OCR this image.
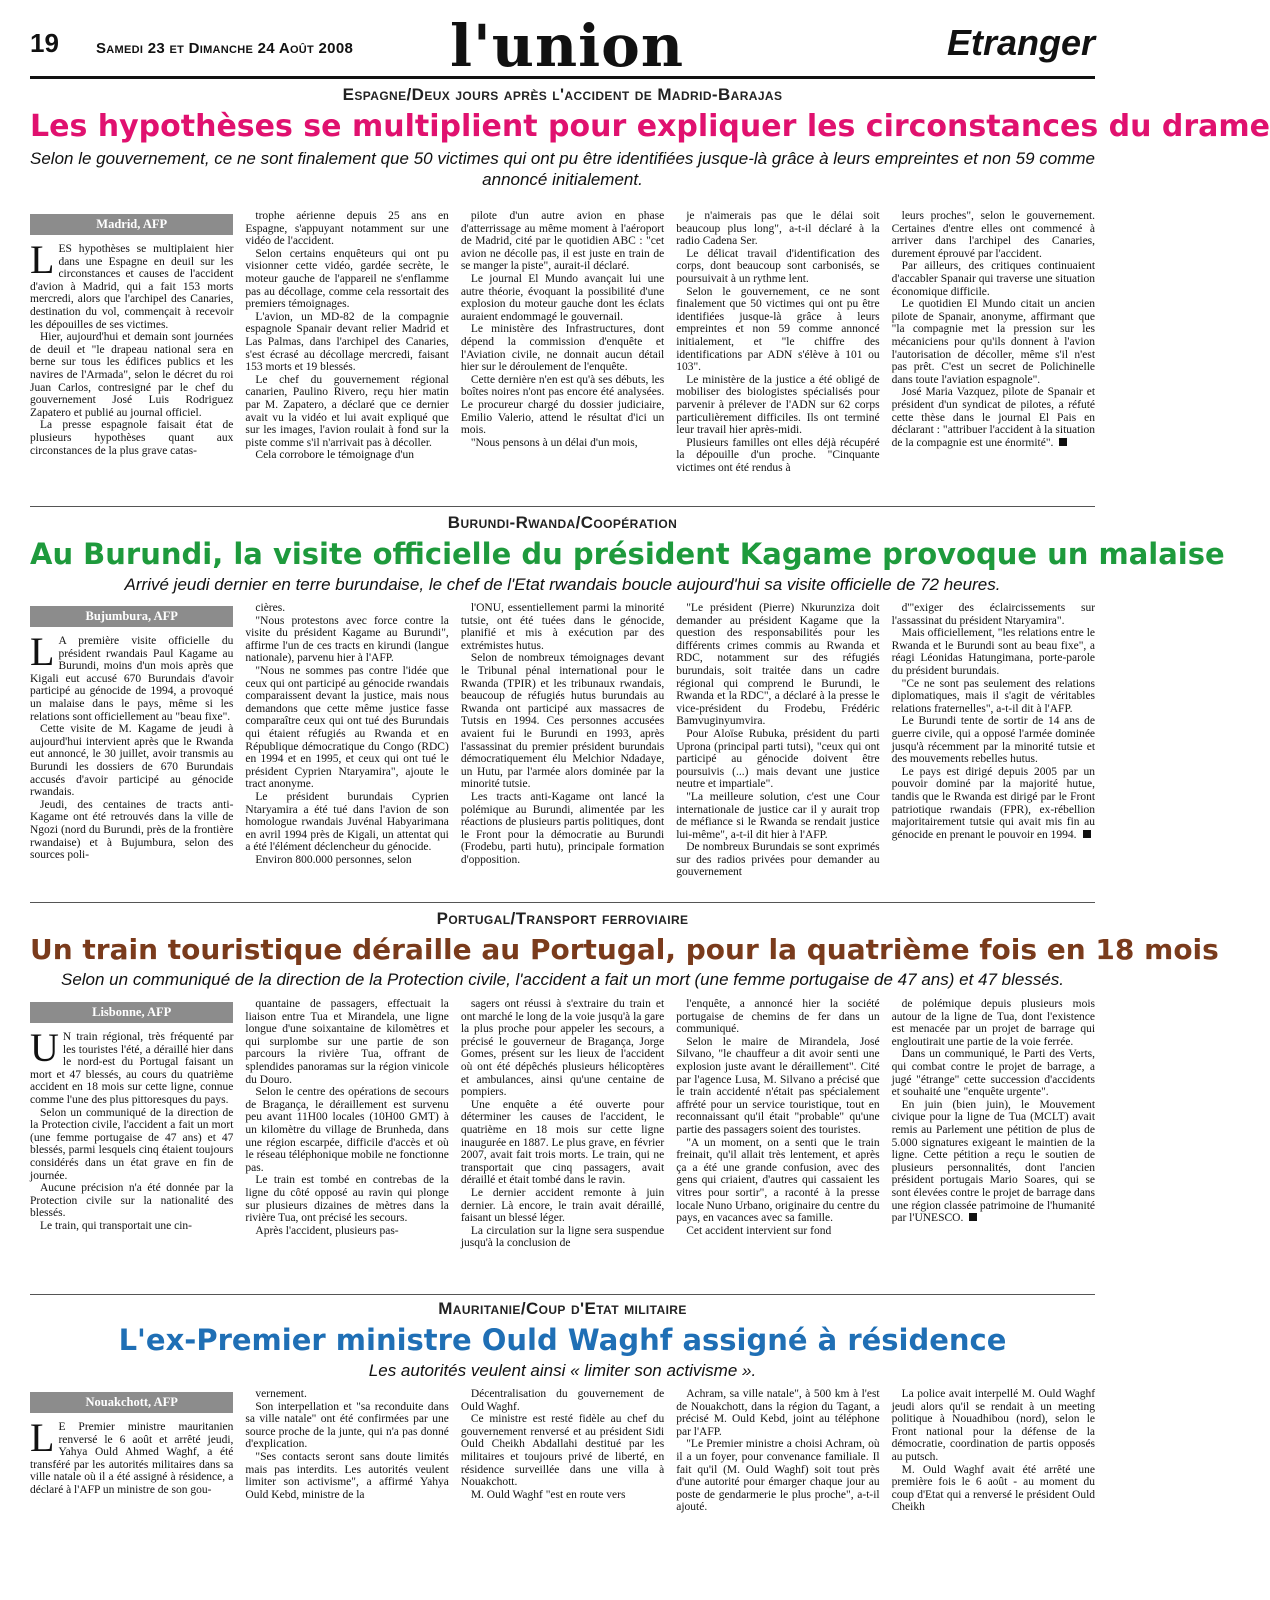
19 Samedi 23 et Dimanche 24 Août 2008 l'union	Etranger
Espagne/Deux jours après l'accident de Madrid-Barajas
Les hypothèses se multiplient pour expliquer les circonstances du drame
Selon le gouvernement, ce ne sont finalement que 50 victimes qui ont pu être identifiées jusque-là grâce à leurs empreintes et non 59 comme annoncé initialement.
Madrid, AFP

LES hypothèses se multiplaient hier dans une Espagne en deuil sur les circonstances et causes de l'accident d'avion à Madrid, qui a fait 153 morts mercredi, alors que l'archipel des Canaries, destination du vol, commençait à recevoir les dépouilles de ses victimes.

Hier, aujourd'hui et demain sont journées de deuil et "le drapeau national sera en berne sur tous les édifices publics et les navires de l'Armada", selon le décret du roi Juan Carlos, contresigné par le chef du gouvernement José Luis Rodriguez Zapatero et publié au journal officiel.

La presse espagnole faisait état de plusieurs hypothèses quant aux circonstances de la plus grave catas-

trophe aérienne depuis 25 ans en Espagne, s'appuyant notamment sur une vidéo de l'accident.

Selon certains enquêteurs qui ont pu visionner cette vidéo, gardée secrète, le moteur gauche de l'appareil ne s'enflamme pas au décollage, comme cela ressortait des premiers témoignages.

L'avion, un MD-82 de la compagnie espagnole Spanair devant relier Madrid et Las Palmas, dans l'archipel des Canaries, s'est écrasé au décollage mercredi, faisant 153 morts et 19 blessés.

Le chef du gouvernement régional canarien, Paulino Rivero, reçu hier matin par M. Zapatero, a déclaré que ce dernier avait vu la vidéo et lui avait expliqué que sur les images, l'avion roulait à fond sur la piste comme s'il n'arrivait pas à décoller.

Cela corrobore le témoignage d'un

pilote d'un autre avion en phase d'atterrissage au même moment à l'aéroport de Madrid, cité par le quotidien ABC : "cet avion ne décolle pas, il est juste en train de se manger la piste", aurait-il déclaré.

Le journal El Mundo avançait lui une autre théorie, évoquant la possibilité d'une explosion du moteur gauche dont les éclats auraient endommagé le gouvernail.

Le ministère des Infrastructures, dont dépend la commission d'enquête et l'Aviation civile, ne donnait aucun détail hier sur le déroulement de l'enquête.

Cette dernière n'en est qu'à ses débuts, les boîtes noires n'ont pas encore été analysées. Le procureur chargé du dossier judiciaire, Emilio Valerio, attend le résultat d'ici un mois.

"Nous pensons à un délai d'un mois,

je n'aimerais pas que le délai soit beaucoup plus long", a-t-il déclaré à la radio Cadena Ser.

Le délicat travail d'identification des corps, dont beaucoup sont carbonisés, se poursuivait à un rythme lent.

Selon le gouvernement, ce ne sont finalement que 50 victimes qui ont pu être identifiées jusque-là grâce à leurs empreintes et non 59 comme annoncé initialement, et "le chiffre des identifications par ADN s'élève à 101 ou 103".

Le ministère de la justice a été obligé de mobiliser des biologistes spécialisés pour parvenir à prélever de l'ADN sur 62 corps particulièrement difficiles. Ils ont terminé leur travail hier après-midi.

Plusieurs familles ont elles déjà récupéré la dépouille d'un proche. "Cinquante victimes ont été rendus à

leurs proches", selon le gouvernement. Certaines d'entre elles ont commencé à arriver dans l'archipel des Canaries, durement éprouvé par l'accident.

Par ailleurs, des critiques continuaient d'accabler Spanair qui traverse une situation économique difficile.

Le quotidien El Mundo citait un ancien pilote de Spanair, anonyme, affirmant que "la compagnie met la pression sur les mécaniciens pour qu'ils donnent à l'avion l'autorisation de décoller, même s'il n'est pas prêt. C'est un secret de Polichinelle dans toute l'aviation espagnole".

José Maria Vazquez, pilote de Spanair et président d'un syndicat de pilotes, a réfuté cette thèse dans le journal El Pais en déclarant : "attribuer l'accident à la situation de la compagnie est une énormité".

Burundi-Rwanda/Coopération
Au Burundi, la visite officielle du président Kagame provoque un malaise
Arrivé jeudi dernier en terre burundaise, le chef de l'Etat rwandais boucle aujourd'hui sa visite officielle de 72 heures.
Bujumbura, AFP

L A première visite officielle du président rwandais Paul Kagame au Burundi, moins d'un mois après que Kigali eut accusé 670 Burundais d'avoir participé au génocide de 1994, a provoqué un malaise dans le pays, même si les relations sont officiellement au "beau fixe".

Cette visite de M. Kagame de jeudi à aujourd'hui intervient après que le Rwanda eut annoncé, le 30 juillet, avoir transmis au Burundi les dossiers de 670 Burundais accusés d'avoir participé au génocide rwandais.

Jeudi, des centaines de tracts anti-Kagame ont été retrouvés dans la ville de Ngozi (nord du Burundi, près de la frontière rwandaise) et à Bujumbura, selon des sources poli-

cières.

"Nous protestons avec force contre la visite du président Kagame au Burundi", affirme l'un de ces tracts en kirundi (langue nationale), parvenu hier à l'AFP.

"Nous ne sommes pas contre l'idée que ceux qui ont participé au génocide rwandais comparaissent devant la justice, mais nous demandons que cette même justice fasse comparaître ceux qui ont tué des Burundais qui étaient réfugiés au Rwanda et en République démocratique du Congo (RDC) en 1994 et en 1995, et ceux qui ont tué le président Cyprien Ntaryamira", ajoute le tract anonyme.

Le président burundais Cyprien Ntaryamira a été tué dans l'avion de son homologue rwandais Juvénal Habyarimana en avril 1994 près de Kigali, un attentat qui a été l'élément déclencheur du génocide.

Environ 800.000 personnes, selon

l'ONU, essentiellement parmi la minorité tutsie, ont été tuées dans le génocide, planifié et mis à exécution par des extrémistes hutus.

Selon de nombreux témoignages devant le Tribunal pénal international pour le Rwanda (TPIR) et les tribunaux rwandais, beaucoup de réfugiés hutus burundais au Rwanda ont participé aux massacres de Tutsis en 1994. Ces personnes accusées avaient fui le Burundi en 1993, après l'assassinat du premier président burundais démocratiquement élu Melchior Ndadaye, un Hutu, par l'armée alors dominée par la minorité tutsie.

Les tracts anti-Kagame ont lancé la polémique au Burundi, alimentée par les réactions de plusieurs partis politiques, dont le Front pour la démocratie au Burundi (Frodebu, parti hutu), principale formation d'opposition.

"Le président (Pierre) Nkurunziza doit demander au président Kagame que la question des responsabilités pour les différents crimes commis au Rwanda et RDC, notamment sur des réfugiés burundais, soit traitée dans un cadre régional qui comprend le Burundi, le Rwanda et la RDC", a déclaré à la presse le vice-président du Frodebu, Frédéric Bamvuginyumvira.

Pour Aloïse Rubuka, président du parti Uprona (principal parti tutsi), "ceux qui ont participé au génocide doivent être poursuivis (...) mais devant une justice neutre et impartiale".

"La meilleure solution, c'est une Cour internationale de justice car il y aurait trop de méfiance si le Rwanda se rendait justice lui-même", a-t-il dit hier à l'AFP.

De nombreux Burundais se sont exprimés sur des radios privées pour demander au gouvernement

d'"exiger des éclaircissements sur l'assassinat du président Ntaryamira".

Mais officiellement, "les relations entre le Rwanda et le Burundi sont au beau fixe", a réagi Léonidas Hatungimana, porte-parole du président burundais.

"Ce ne sont pas seulement des relations diplomatiques, mais il s'agit de véritables relations fraternelles", a-t-il dit à l'AFP.

Le Burundi tente de sortir de 14 ans de guerre civile, qui a opposé l'armée dominée jusqu'à récemment par la minorité tutsie et des mouvements rebelles hutus.

Le pays est dirigé depuis 2005 par un pouvoir dominé par la majorité hutue, tandis que le Rwanda est dirigé par le Front patriotique rwandais (FPR), ex-rébellion majoritairement tutsie qui avait mis fin au génocide en prenant le pouvoir en 1994.

Portugal/Transport ferroviaire
Un train touristique déraille au Portugal, pour la quatrième fois en 18 mois
Selon un communiqué de la direction de la Protection civile, l'accident a fait un mort (une femme portugaise de 47 ans) et 47 blessés.
Lisbonne, AFP

U N train régional, très fréquenté par les touristes l'été, a déraillé hier dans le nord-est du Portugal faisant un mort et 47 blessés, au cours du quatrième accident en 18 mois sur cette ligne, connue comme l'une des plus pittoresques du pays.

Selon un communiqué de la direction de la Protection civile, l'accident a fait un mort (une femme portugaise de 47 ans) et 47 blessés, parmi lesquels cinq étaient toujours considérés dans un état grave en fin de journée.

Aucune précision n'a été donnée par la Protection civile sur la nationalité des blessés.

Le train, qui transportait une cin-

quantaine de passagers, effectuait la liaison entre Tua et Mirandela, une ligne longue d'une soixantaine de kilomètres et qui surplombe sur une partie de son parcours la rivière Tua, offrant de splendides panoramas sur la région vinicole du Douro.

Selon le centre des opérations de secours de Bragança, le déraillement est survenu peu avant 11H00 locales (10H00 GMT) à un kilomètre du village de Brunheda, dans une région escarpée, difficile d'accès et où le réseau téléphonique mobile ne fonctionne pas.

Le train est tombé en contrebas de la ligne du côté opposé au ravin qui plonge sur plusieurs dizaines de mètres dans la rivière Tua, ont précisé les secours.

Après l'accident, plusieurs pas-

sagers ont réussi à s'extraire du train et ont marché le long de la voie jusqu'à la gare la plus proche pour appeler les secours, a précisé le gouverneur de Bragança, Jorge Gomes, présent sur les lieux de l'accident où ont été dépêchés plusieurs hélicoptères et ambulances, ainsi qu'une centaine de pompiers.

Une enquête a été ouverte pour déterminer les causes de l'accident, le quatrième en 18 mois sur cette ligne inaugurée en 1887. Le plus grave, en février 2007, avait fait trois morts. Le train, qui ne transportait que cinq passagers, avait déraillé et était tombé dans le ravin.

Le dernier accident remonte à juin dernier. Là encore, le train avait déraillé, faisant un blessé léger.

La circulation sur la ligne sera suspendue jusqu'à la conclusion de

l'enquête, a annoncé hier la société portugaise de chemins de fer dans un communiqué.

Selon le maire de Mirandela, José Silvano, "le chauffeur a dit avoir senti une explosion juste avant le déraillement". Cité par l'agence Lusa, M. Silvano a précisé que le train accidenté n'était pas spécialement affrété pour un service touristique, tout en reconnaissant qu'il était "probable" qu'une partie des passagers soient des touristes.

"A un moment, on a senti que le train freinait, qu'il allait très lentement, et après ça a été une grande confusion, avec des gens qui criaient, d'autres qui cassaient les vitres pour sortir", a raconté à la presse locale Nuno Urbano, originaire du centre du pays, en vacances avec sa famille.

Cet accident intervient sur fond

de polémique depuis plusieurs mois autour de la ligne de Tua, dont l'existence est menacée par un projet de barrage qui engloutirait une partie de la voie ferrée.

Dans un communiqué, le Parti des Verts, qui combat contre le projet de barrage, a jugé "étrange" cette succession d'accidents et souhaité une "enquête urgente".

En juin (bien juin), le Mouvement civique pour la ligne de Tua (MCLT) avait remis au Parlement une pétition de plus de 5.000 signatures exigeant le maintien de la ligne. Cette pétition a reçu le soutien de plusieurs personnalités, dont l'ancien président portugais Mario Soares, qui se sont élevées contre le projet de barrage dans une région classée patrimoine de l'humanité par l'UNESCO.

Mauritanie/Coup d'Etat militaire
L'ex-Premier ministre Ould Waghf assigné à résidence
Les autorités veulent ainsi « limiter son activisme ».
Nouakchott, AFP

L E Premier ministre mauritanien renversé le 6 août et arrêté jeudi, Yahya Ould Ahmed Waghf, a été transféré par les autorités militaires dans sa ville natale où il a été assigné à résidence, a déclaré à l'AFP un ministre de son gou-

vernement.

Son interpellation et "sa reconduite dans sa ville natale" ont été confirmées par une source proche de la junte, qui n'a pas donné d'explication.

"Ses contacts seront sans doute limités mais pas interdits. Les autorités veulent limiter son activisme", a affirmé Yahya Ould Kebd, ministre de la

Décentralisation du gouvernement de Ould Waghf.

Ce ministre est resté fidèle au chef du gouvernement renversé et au président Sidi Ould Cheikh Abdallahi destitué par les militaires et toujours privé de liberté, en résidence surveillée dans une villa à Nouakchott.

M. Ould Waghf "est en route vers

Achram, sa ville natale", à 500 km à l'est de Nouakchott, dans la région du Tagant, a précisé M. Ould Kebd, joint au téléphone par l'AFP.

"Le Premier ministre a choisi Achram, où il a un foyer, pour convenance familiale. Il fait qu'il (M. Ould Waghf) soit tout près d'une autorité pour émarger chaque jour au poste de gendarmerie le plus proche", a-t-il ajouté.

La police avait interpellé M. Ould Waghf jeudi alors qu'il se rendait à un meeting politique à Nouadhibou (nord), selon le Front national pour la défense de la démocratie, coordination de partis opposés au putsch.

M. Ould Waghf avait été arrêté une première fois le 6 août - au moment du coup d'Etat qui a renversé le président Ould Cheikh
